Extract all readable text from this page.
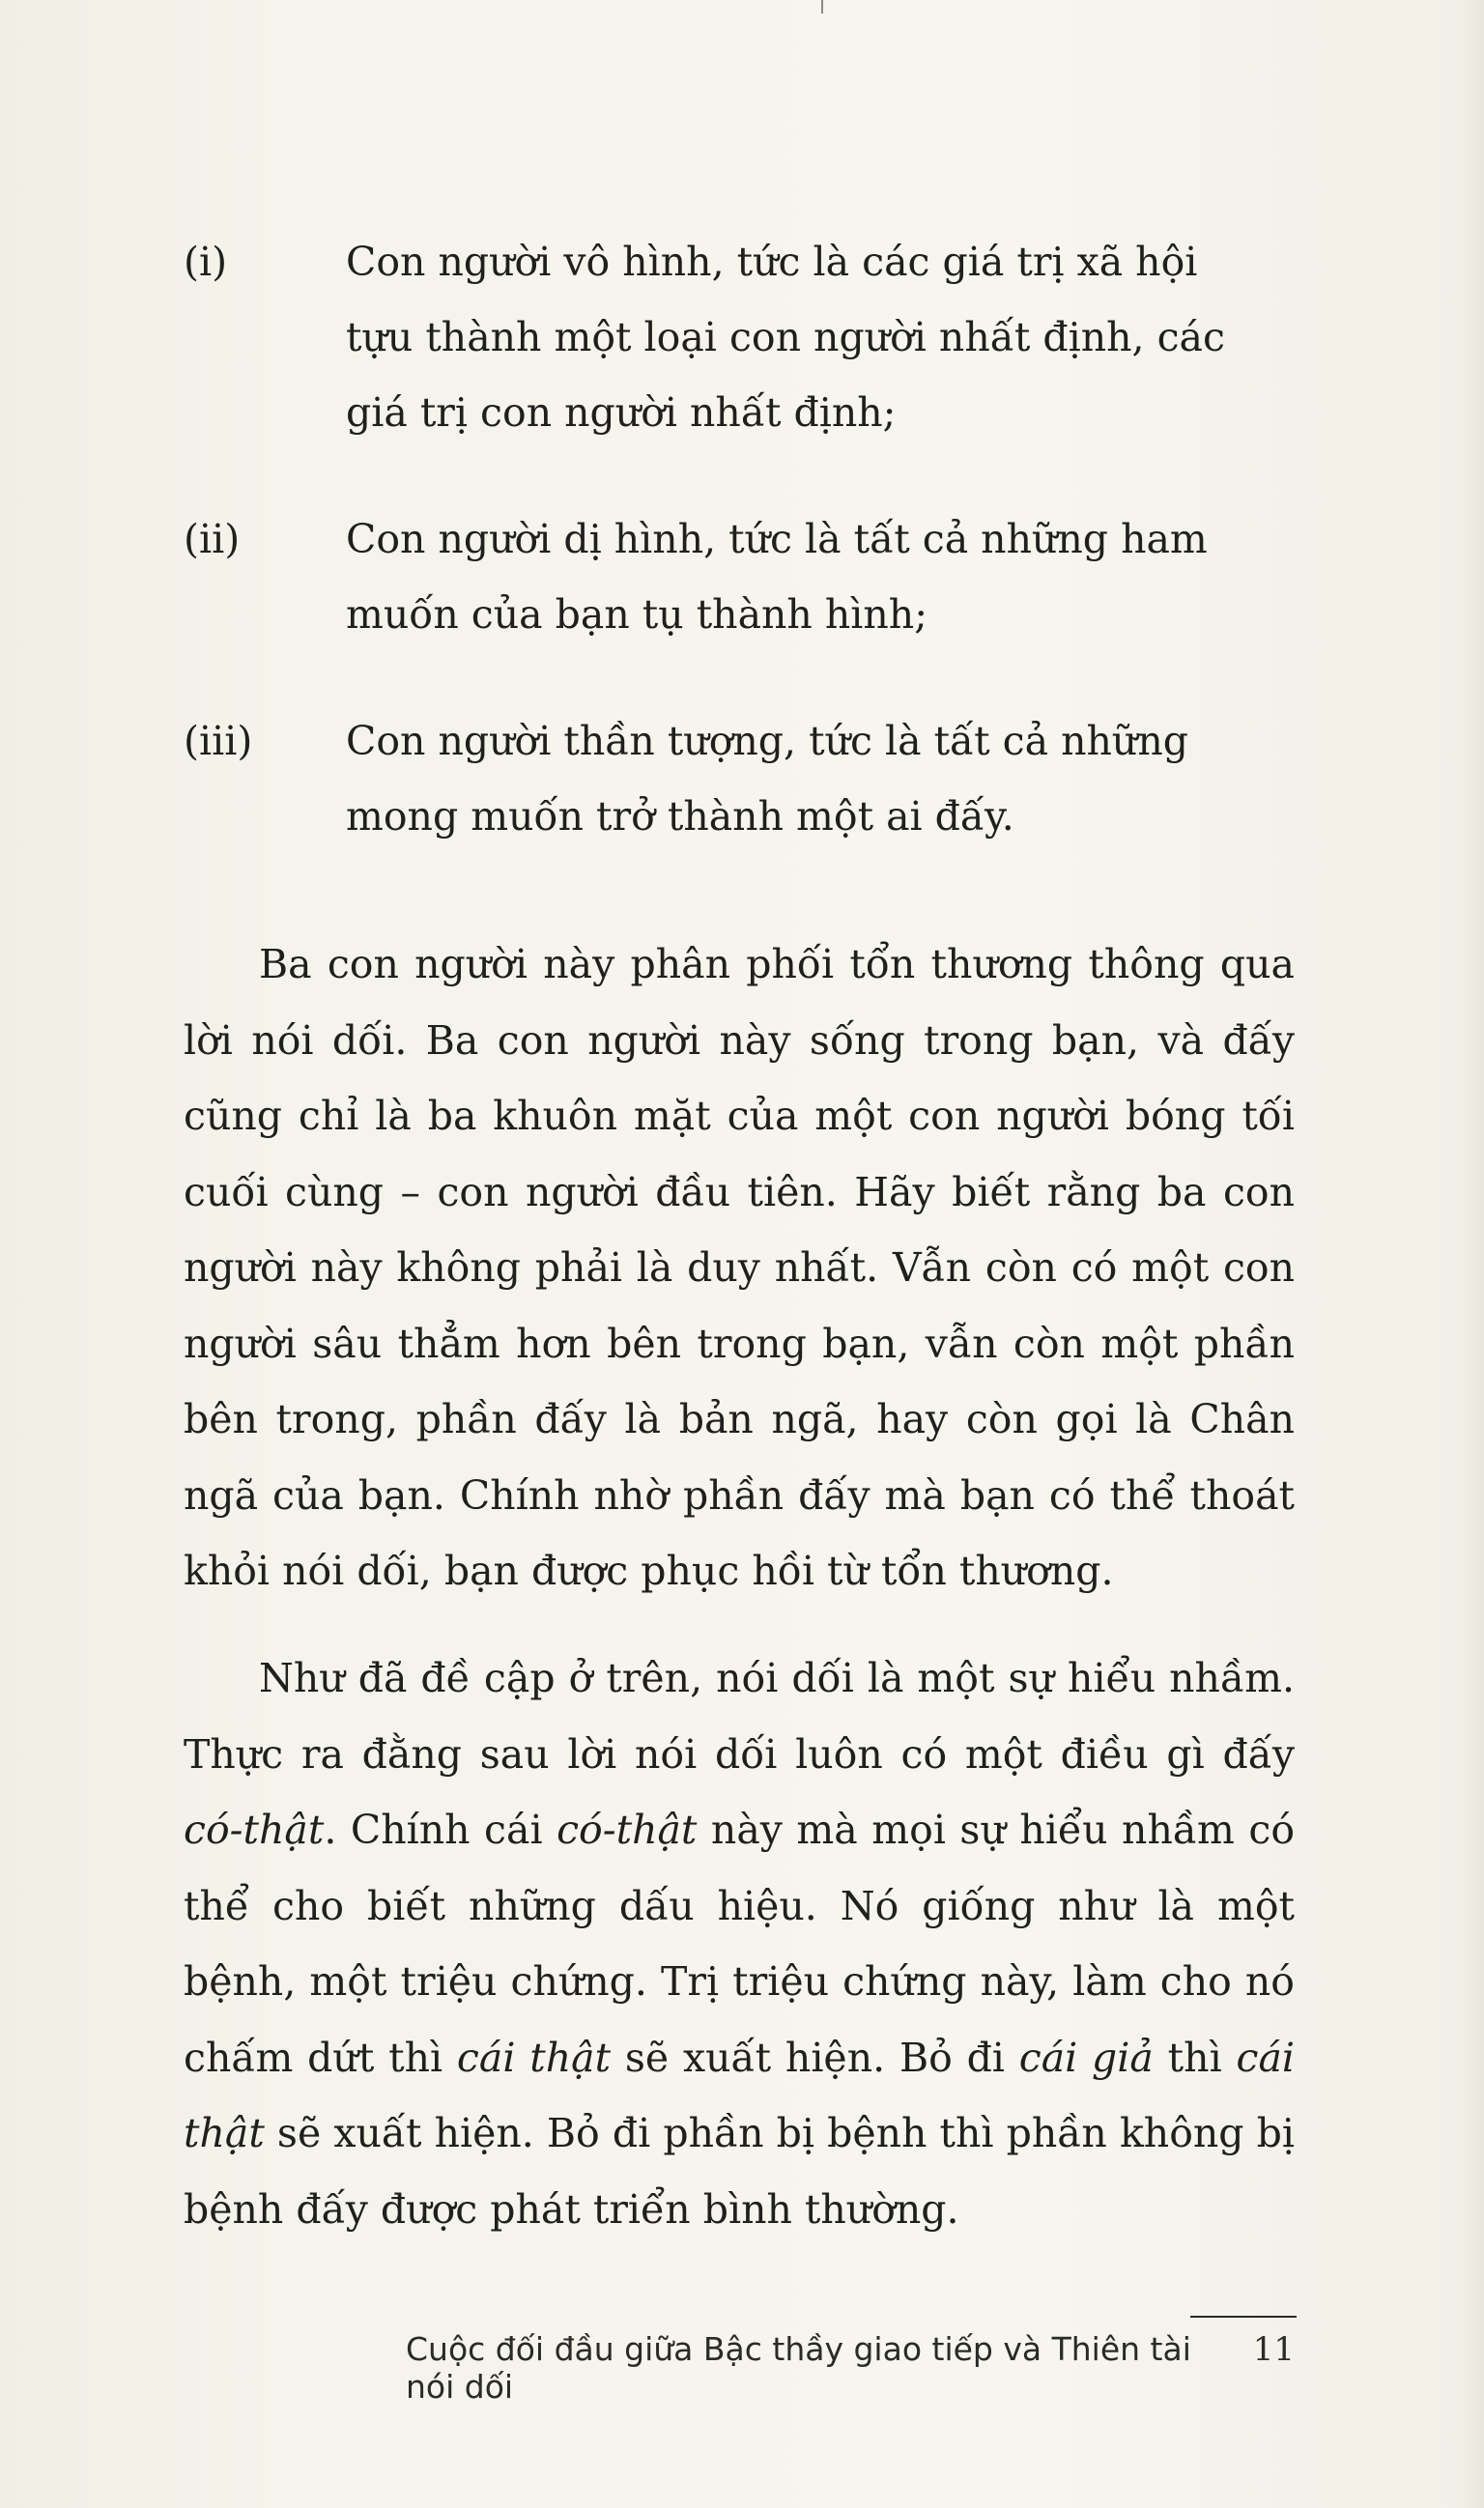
(i)	Con người vô hình, tức là các giá trị xã hội tựu thành một loại con người nhất định, các giá trị con người nhất định;
(ii)	Con người dị hình, tức là tất cả những ham muốn của bạn tụ thành hình;
(iii)	Con người thần tượng, tức là tất cả những mong muốn trở thành một ai đấy.

Ba con người này phân phối tổn thương thông qua lời nói dối. Ba con người này sống trong bạn, và đấy cũng chỉ là ba khuôn mặt của một con người bóng tối cuối cùng – con người đầu tiên. Hãy biết rằng ba con người này không phải là duy nhất. Vẫn còn có một con người sâu thẳm hơn bên trong bạn, vẫn còn một phần bên trong, phần đấy là bản ngã, hay còn gọi là Chân ngã của bạn. Chính nhờ phần đấy mà bạn có thể thoát khỏi nói dối, bạn được phục hồi từ tổn thương.

Như đã đề cập ở trên, nói dối là một sự hiểu nhầm. Thực ra đằng sau lời nói dối luôn có một điều gì đấy có-thật. Chính cái có-thật này mà mọi sự hiểu nhầm có thể cho biết những dấu hiệu. Nó giống như là một bệnh, một triệu chứng. Trị triệu chứng này, làm cho nó chấm dứt thì cái thật sẽ xuất hiện. Bỏ đi cái giả thì cái thật sẽ xuất hiện. Bỏ đi phần bị bệnh thì phần không bị bệnh đấy được phát triển bình thường.

Cuộc đối đầu giữa Bậc thầy giao tiếp và Thiên tài nói dối
11
